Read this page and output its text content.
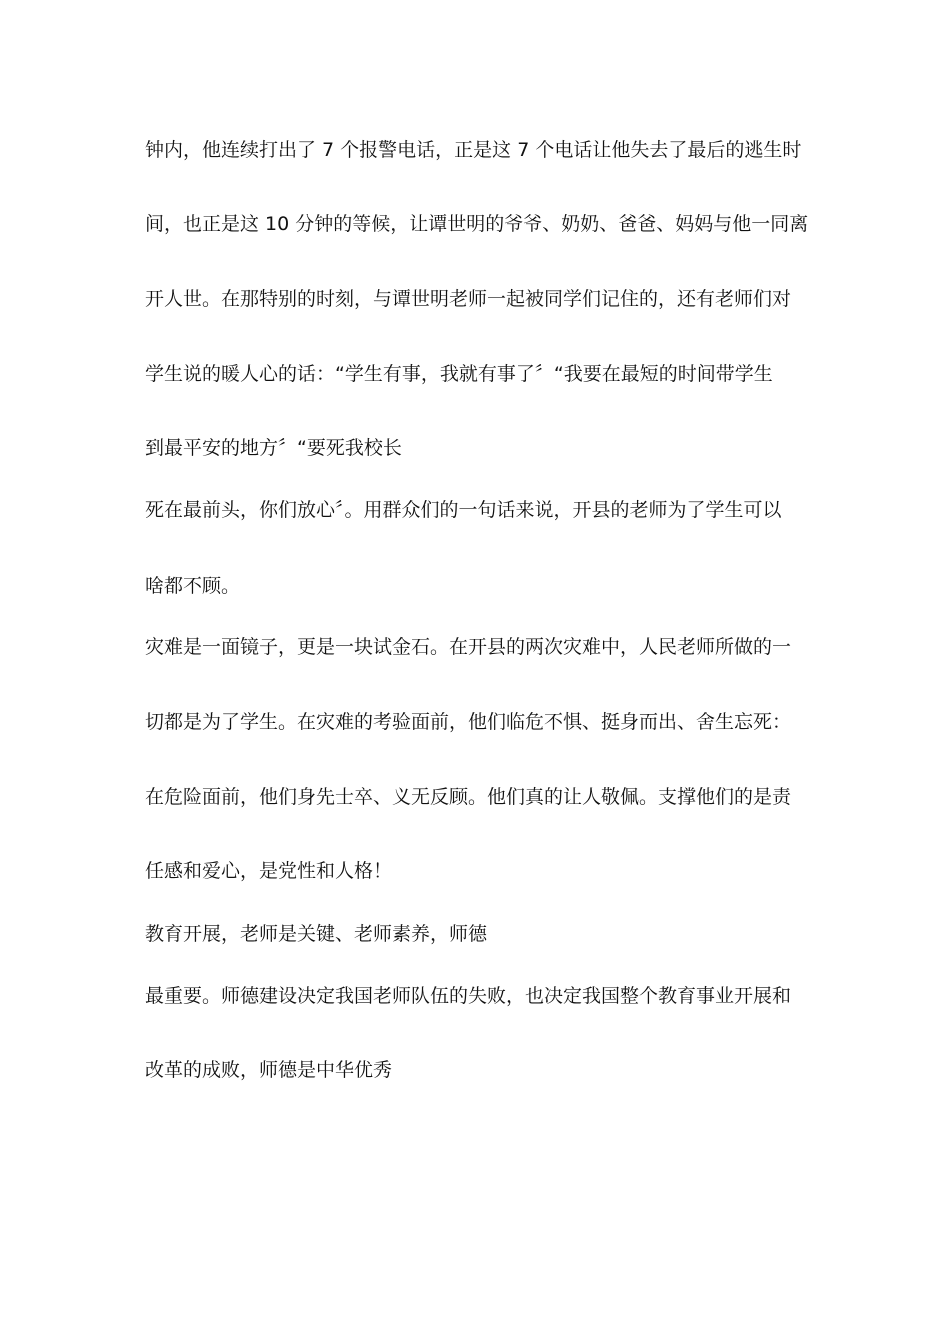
钟内，他连续打出了 7 个报警电话，正是这 7 个电话让他失去了最后的逃生时
间，也正是这 10 分钟的等候，让谭世明的爷爷、奶奶、爸爸、妈妈与他一同离
开人世。在那特别的时刻，与谭世明老师一起被同学们记住的，还有老师们对
学生说的暖人心的话：“学生有事，我就有事了〞“我要在最短的时间带学生
到最平安的地方〞“要死我校长
死在最前头，你们放心〞。用群众们的一句话来说，开县的老师为了学生可以
啥都不顾。
灾难是一面镜子，更是一块试金石。在开县的两次灾难中，人民老师所做的一
切都是为了学生。在灾难的考验面前，他们临危不惧、挺身而出、舍生忘死：
在危险面前，他们身先士卒、义无反顾。他们真的让人敬佩。支撑他们的是责
任感和爱心，是党性和人格！
教育开展，老师是关键、老师素养，师德
最重要。师德建设决定我国老师队伍的失败，也决定我国整个教育事业开展和
改革的成败，师德是中华优秀
